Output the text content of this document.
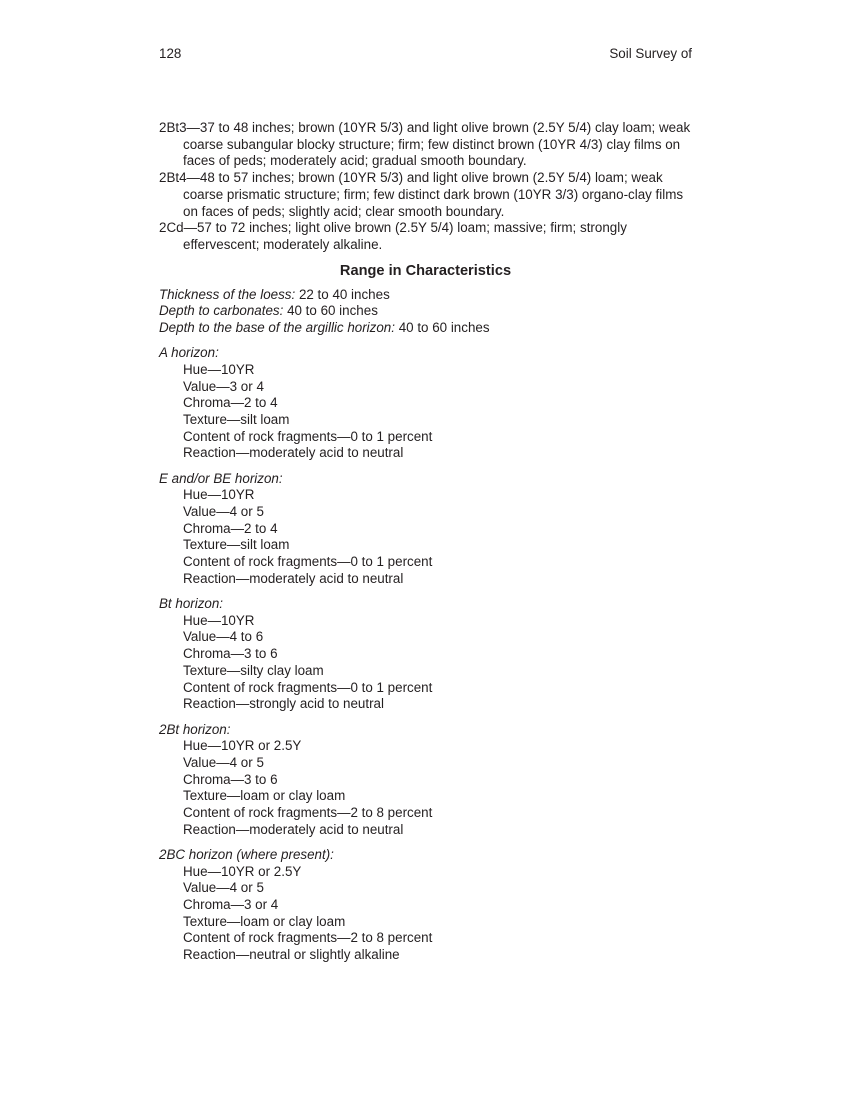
128	Soil Survey of
2Bt3—37 to 48 inches; brown (10YR 5/3) and light olive brown (2.5Y 5/4) clay loam; weak coarse subangular blocky structure; firm; few distinct brown (10YR 4/3) clay films on faces of peds; moderately acid; gradual smooth boundary.
2Bt4—48 to 57 inches; brown (10YR 5/3) and light olive brown (2.5Y 5/4) loam; weak coarse prismatic structure; firm; few distinct dark brown (10YR 3/3) organo-clay films on faces of peds; slightly acid; clear smooth boundary.
2Cd—57 to 72 inches; light olive brown (2.5Y 5/4) loam; massive; firm; strongly effervescent; moderately alkaline.
Range in Characteristics
Thickness of the loess: 22 to 40 inches
Depth to carbonates: 40 to 60 inches
Depth to the base of the argillic horizon: 40 to 60 inches
A horizon:
Hue—10YR
Value—3 or 4
Chroma—2 to 4
Texture—silt loam
Content of rock fragments—0 to 1 percent
Reaction—moderately acid to neutral
E and/or BE horizon:
Hue—10YR
Value—4 or 5
Chroma—2 to 4
Texture—silt loam
Content of rock fragments—0 to 1 percent
Reaction—moderately acid to neutral
Bt horizon:
Hue—10YR
Value—4 to 6
Chroma—3 to 6
Texture—silty clay loam
Content of rock fragments—0 to 1 percent
Reaction—strongly acid to neutral
2Bt horizon:
Hue—10YR or 2.5Y
Value—4 or 5
Chroma—3 to 6
Texture—loam or clay loam
Content of rock fragments—2 to 8 percent
Reaction—moderately acid to neutral
2BC horizon (where present):
Hue—10YR or 2.5Y
Value—4 or 5
Chroma—3 or 4
Texture—loam or clay loam
Content of rock fragments—2 to 8 percent
Reaction—neutral or slightly alkaline
